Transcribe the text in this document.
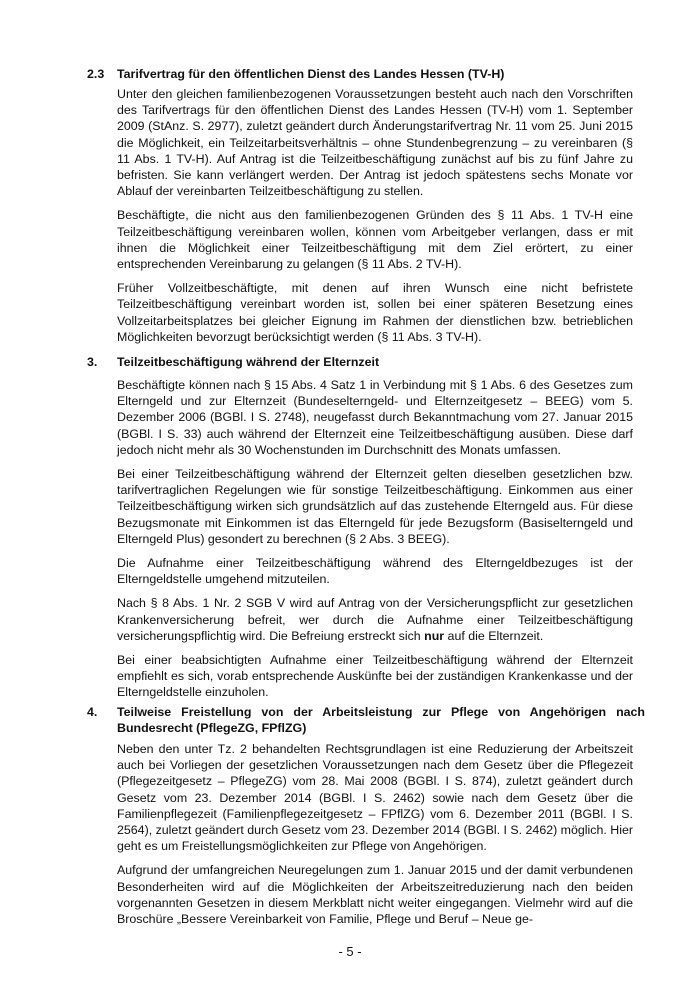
2.3 Tarifvertrag für den öffentlichen Dienst des Landes Hessen (TV-H)

Unter den gleichen familienbezogenen Voraussetzungen besteht auch nach den Vorschriften des Tarifvertrags für den öffentlichen Dienst des Landes Hessen (TV-H) vom 1. September 2009 (StAnz. S. 2977), zuletzt geändert durch Änderungstarifvertrag Nr. 11 vom 25. Juni 2015 die Möglichkeit, ein Teilzeitarbeitsverhältnis – ohne Stundenbegrenzung – zu vereinbaren (§ 11 Abs. 1 TV-H). Auf Antrag ist die Teilzeitbeschäftigung zunächst auf bis zu fünf Jahre zu befristen. Sie kann verlängert werden. Der Antrag ist jedoch spätestens sechs Monate vor Ablauf der vereinbarten Teilzeitbeschäftigung zu stellen.

Beschäftigte, die nicht aus den familienbezogenen Gründen des § 11 Abs. 1 TV-H eine Teilzeitbeschäftigung vereinbaren wollen, können vom Arbeitgeber verlangen, dass er mit ihnen die Möglichkeit einer Teilzeitbeschäftigung mit dem Ziel erörtert, zu einer entsprechenden Vereinbarung zu gelangen (§ 11 Abs. 2 TV-H).

Früher Vollzeitbeschäftigte, mit denen auf ihren Wunsch eine nicht befristete Teilzeitbeschäftigung vereinbart worden ist, sollen bei einer späteren Besetzung eines Vollzeitarbeitsplatzes bei gleicher Eignung im Rahmen der dienstlichen bzw. betrieblichen Möglichkeiten bevorzugt berücksichtigt werden (§ 11 Abs. 3 TV-H).

3. Teilzeitbeschäftigung während der Elternzeit

Beschäftigte können nach § 15 Abs. 4 Satz 1 in Verbindung mit § 1 Abs. 6 des Gesetzes zum Elterngeld und zur Elternzeit (Bundeselterngeld- und Elternzeitgesetz – BEEG) vom 5. Dezember 2006 (BGBl. I S. 2748), neugefasst durch Bekanntmachung vom 27. Januar 2015 (BGBl. I S. 33) auch während der Elternzeit eine Teilzeitbeschäftigung ausüben. Diese darf jedoch nicht mehr als 30 Wochenstunden im Durchschnitt des Monats umfassen.

Bei einer Teilzeitbeschäftigung während der Elternzeit gelten dieselben gesetzlichen bzw. tarifvertraglichen Regelungen wie für sonstige Teilzeitbeschäftigung. Einkommen aus einer Teilzeitbeschäftigung wirken sich grundsätzlich auf das zustehende Elterngeld aus. Für diese Bezugsmonate mit Einkommen ist das Elterngeld für jede Bezugsform (Basiselterngeld und Elterngeld Plus) gesondert zu berechnen (§ 2 Abs. 3 BEEG).

Die Aufnahme einer Teilzeitbeschäftigung während des Elterngeldbezuges ist der Elterngeldstelle umgehend mitzuteilen.

Nach § 8 Abs. 1 Nr. 2 SGB V wird auf Antrag von der Versicherungspflicht zur gesetzlichen Krankenversicherung befreit, wer durch die Aufnahme einer Teilzeitbeschäftigung versicherungspflichtig wird. Die Befreiung erstreckt sich nur auf die Elternzeit.

Bei einer beabsichtigten Aufnahme einer Teilzeitbeschäftigung während der Elternzeit empfiehlt es sich, vorab entsprechende Auskünfte bei der zuständigen Krankenkasse und der Elterngeldstelle einzuholen.

4. Teilweise Freistellung von der Arbeitsleistung zur Pflege von Angehörigen nach Bundesrecht (PflegeZG, FPflZG)

Neben den unter Tz. 2 behandelten Rechtsgrundlagen ist eine Reduzierung der Arbeitszeit auch bei Vorliegen der gesetzlichen Voraussetzungen nach dem Gesetz über die Pflegezeit (Pflegezeitgesetz – PflegeZG) vom 28. Mai 2008 (BGBl. I S. 874), zuletzt geändert durch Gesetz vom 23. Dezember 2014 (BGBl. I S. 2462) sowie nach dem Gesetz über die Familienpflegezeit (Familienpflegezeitgesetz – FPflZG) vom 6. Dezember 2011 (BGBl. I S. 2564), zuletzt geändert durch Gesetz vom 23. Dezember 2014 (BGBl. I S. 2462) möglich. Hier geht es um Freistellungsmöglichkeiten zur Pflege von Angehörigen.

Aufgrund der umfangreichen Neuregelungen zum 1. Januar 2015 und der damit verbundenen Besonderheiten wird auf die Möglichkeiten der Arbeitszeitreduzierung nach den beiden vorgenannten Gesetzen in diesem Merkblatt nicht weiter eingegangen. Vielmehr wird auf die Broschüre „Bessere Vereinbarkeit von Familie, Pflege und Beruf – Neue ge-

- 5 -
